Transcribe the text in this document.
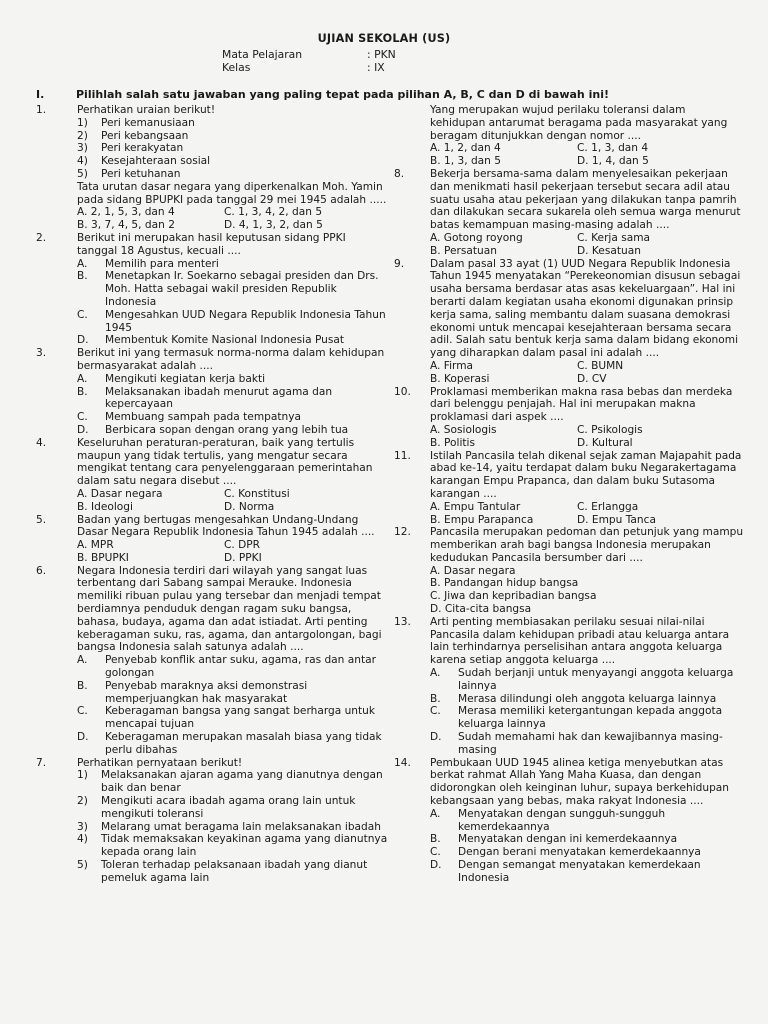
UJIAN SEKOLAH (US)
Mata Pelajaran	: PKN
Kelas	: IX
I.	Pilihlah salah satu jawaban yang paling tepat pada pilihan A, B, C dan D di bawah ini!
1.	Perhatikan uraian berikut!
1) Peri kemanusiaan
2) Peri kebangsaan
3) Peri kerakyatan
4) Kesejahteraan sosial
5) Peri ketuhanan
Tata urutan dasar negara yang diperkenalkan Moh. Yamin
pada sidang BPUPKI pada tanggal 29 mei 1945 adalah .....
A. 2, 1, 5, 3, dan 4	C. 1, 3, 4, 2, dan 5
B. 3, 7, 4, 5, dan 2	D. 4, 1, 3, 2, dan 5
2.	Berikut ini merupakan hasil keputusan sidang PPKI
tanggal 18 Agustus, kecuali ....
A. Memilih para menteri
B. Menetapkan Ir. Soekarno sebagai presiden dan Drs.
Moh. Hatta sebagai wakil presiden Republik
Indonesia
C. Mengesahkan UUD Negara Republik Indonesia Tahun
1945
D. Membentuk Komite Nasional Indonesia Pusat
3.	Berikut ini yang termasuk norma-norma dalam kehidupan
bermasyarakat adalah ....
A. Mengikuti kegiatan kerja bakti
B. Melaksanakan ibadah menurut agama dan
kepercayaan
C. Membuang sampah pada tempatnya
D. Berbicara sopan dengan orang yang lebih tua
4.	Keseluruhan peraturan-peraturan, baik yang tertulis
maupun yang tidak tertulis, yang mengatur secara
mengikat tentang cara penyelenggaraan pemerintahan
dalam satu negara disebut ....
A. Dasar negara	C. Konstitusi
B. Ideologi	D. Norma
5.	Badan yang bertugas mengesahkan Undang-Undang
Dasar Negara Republik Indonesia Tahun 1945 adalah ....
A. MPR	C. DPR
B. BPUPKI	D. PPKI
6.	Negara Indonesia terdiri dari wilayah yang sangat luas
terbentang dari Sabang sampai Merauke. Indonesia
memiliki ribuan pulau yang tersebar dan menjadi tempat
berdiamnya penduduk dengan ragam suku bangsa,
bahasa, budaya, agama dan adat istiadat. Arti penting
keberagaman suku, ras, agama, dan antargolongan, bagi
bangsa Indonesia salah satunya adalah ....
A. Penyebab konflik antar suku, agama, ras dan antar
golongan
B. Penyebab maraknya aksi demonstrasi
memperjuangkan hak masyarakat
C. Keberagaman bangsa yang sangat berharga untuk
mencapai tujuan
D. Keberagaman merupakan masalah biasa yang tidak
perlu dibahas
7.	Perhatikan pernyataan berikut!
1) Melaksanakan ajaran agama yang dianutnya dengan
baik dan benar
2) Mengikuti acara ibadah agama orang lain untuk
mengikuti toleransi
3) Melarang umat beragama lain melaksanakan ibadah
4) Tidak memaksakan keyakinan agama yang dianutnya
kepada orang lain
5) Toleran terhadap pelaksanaan ibadah yang dianut
pemeluk agama lain
Yang merupakan wujud perilaku toleransi dalam
kehidupan antarumat beragama pada masyarakat yang
beragam ditunjukkan dengan nomor ....
A. 1, 2, dan 4	C. 1, 3, dan 4
B. 1, 3, dan 5	D. 1, 4, dan 5
8. Bekerja bersama-sama dalam menyelesaikan pekerjaan
dan menikmati hasil pekerjaan tersebut secara adil atau
suatu usaha atau pekerjaan yang dilakukan tanpa pamrih
dan dilakukan secara sukarela oleh semua warga menurut
batas kemampuan masing-masing adalah ....
A. Gotong royong	C. Kerja sama
B. Persatuan	D. Kesatuan
9. Dalam pasal 33 ayat (1) UUD Negara Republik Indonesia
Tahun 1945 menyatakan “Perekeonomian disusun sebagai
usaha bersama berdasar atas asas kekeluargaan”. Hal ini
berarti dalam kegiatan usaha ekonomi digunakan prinsip
kerja sama, saling membantu dalam suasana demokrasi
ekonomi untuk mencapai kesejahteraan bersama secara
adil. Salah satu bentuk kerja sama dalam bidang ekonomi
yang diharapkan dalam pasal ini adalah ....
A. Firma	C. BUMN
B. Koperasi	D. CV
10. Proklamasi memberikan makna rasa bebas dan merdeka
dari belenggu penjajah. Hal ini merupakan makna
proklamasi dari aspek ....
A. Sosiologis	C. Psikologis
B. Politis	D. Kultural
11. Istilah Pancasila telah dikenal sejak zaman Majapahit pada
abad ke-14, yaitu terdapat dalam buku Negarakertagama
karangan Empu Prapanca, dan dalam buku Sutasoma
karangan ....
A. Empu Tantular	C. Erlangga
B. Empu Parapanca	D. Empu Tanca
12. Pancasila merupakan pedoman dan petunjuk yang mampu
memberikan arah bagi bangsa Indonesia merupakan
kedudukan Pancasila bersumber dari ....
A. Dasar negara
B. Pandangan hidup bangsa
C. Jiwa dan kepribadian bangsa
D. Cita-cita bangsa
13. Arti penting membiasakan perilaku sesuai nilai-nilai
Pancasila dalam kehidupan pribadi atau keluarga antara
lain terhindarnya perselisihan antara anggota keluarga
karena setiap anggota keluarga ....
A. Sudah berjanji untuk menyayangi anggota keluarga
lainnya
B. Merasa dilindungi oleh anggota keluarga lainnya
C. Merasa memiliki ketergantungan kepada anggota
keluarga lainnya
D. Sudah memahami hak dan kewajibannya masing-
masing
14. Pembukaan UUD 1945 alinea ketiga menyebutkan atas
berkat rahmat Allah Yang Maha Kuasa, dan dengan
didorongkan oleh keinginan luhur, supaya berkehidupan
kebangsaan yang bebas, maka rakyat Indonesia ....
A. Menyatakan dengan sungguh-sungguh
kemerdekaannya
B. Menyatakan dengan ini kemerdekaannya
C. Dengan berani menyatakan kemerdekaannya
D. Dengan semangat menyatakan kemerdekaan
Indonesia
